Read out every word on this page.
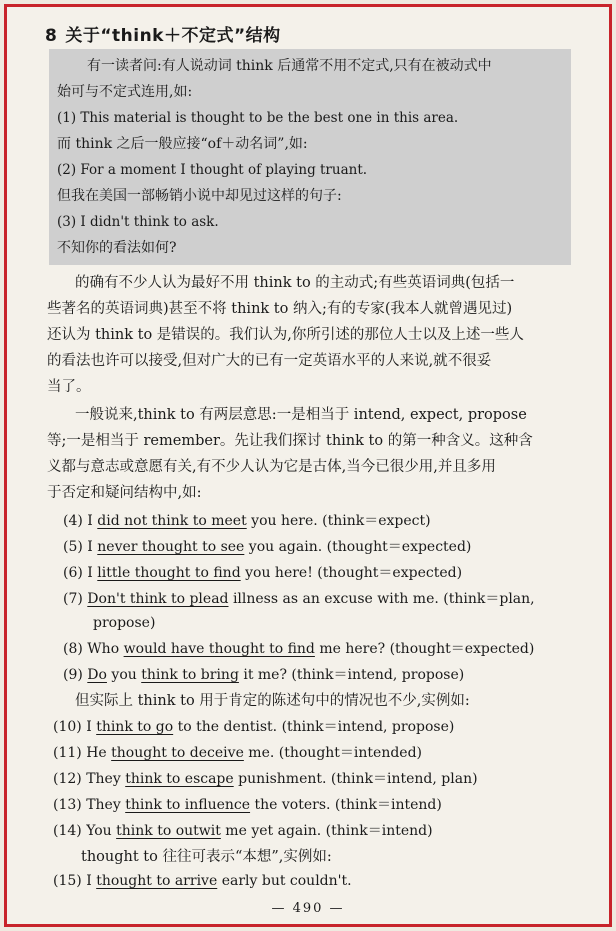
8 关于“think＋不定式”结构
有一读者问:有人说动词 think 后通常不用不定式,只有在被动式中
始可与不定式连用,如:
(1) This material is thought to be the best one in this area.
而 think 之后一般应接“of＋动名词”,如:
(2) For a moment I thought of playing truant.
但我在美国一部畅销小说中却见过这样的句子:
(3) I didn't think to ask.
不知你的看法如何?
的确有不少人认为最好不用 think to 的主动式;有些英语词典(包括一
些著名的英语词典)甚至不将 think to 纳入;有的专家(我本人就曾遇见过)
还认为 think to 是错误的。我们认为,你所引述的那位人士以及上述一些人
的看法也许可以接受,但对广大的已有一定英语水平的人来说,就不很妥
当了。
一般说来,think to 有两层意思:一是相当于 intend, expect, propose
等;一是相当于 remember。先让我们探讨 think to 的第一种含义。这种含
义都与意志或意愿有关,有不少人认为它是古体,当今已很少用,并且多用
于否定和疑问结构中,如:
(4) I did not think to meet you here. (think＝expect)
(5) I never thought to see you again. (thought＝expected)
(6) I little thought to find you here! (thought＝expected)
(7) Don't think to plead illness as an excuse with me. (think＝plan,
propose)
(8) Who would have thought to find me here? (thought＝expected)
(9) Do you think to bring it me? (think＝intend, propose)
但实际上 think to 用于肯定的陈述句中的情况也不少,实例如:
(10) I think to go to the dentist. (think＝intend, propose)
(11) He thought to deceive me. (thought＝intended)
(12) They think to escape punishment. (think＝intend, plan)
(13) They think to influence the voters. (think＝intend)
(14) You think to outwit me yet again. (think＝intend)
thought to 往往可表示“本想”,实例如:
(15) I thought to arrive early but couldn't.
— 490 —
